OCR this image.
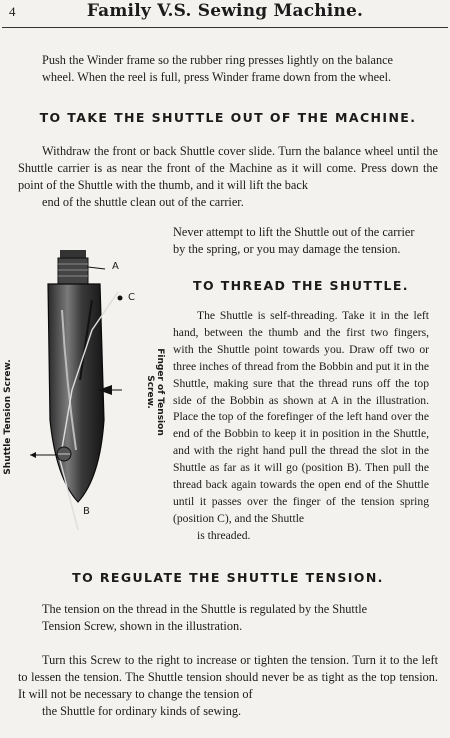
4	Family V.S. Sewing Machine.

Push the Winder frame so the rubber ring presses lightly on the balance
wheel. When the reel is full, press Winder frame down from the wheel.

TO TAKE THE SHUTTLE OUT OF THE MACHINE.

Withdraw the front or back Shuttle cover slide. Turn the balance wheel until the Shuttle carrier is as near the front of the Machine as it will come. Press down the point of the Shuttle with the thumb, and it will lift the back
end of the shuttle clean out of the carrier.

Never attempt to lift the Shuttle out of the carrier
by the spring, or you may damage the tension.

TO THREAD THE SHUTTLE.

The Shuttle is self-threading. Take it in the left hand, between the thumb and the first two fingers, with the Shuttle point towards you. Draw off two or three inches of thread from the Bobbin and put it in the Shuttle, making sure that the thread runs off the top side of the Bobbin as shown at A in the illustration. Place the top of the forefinger of the left hand over the end of the Bobbin to keep it in position in the Shuttle, and with the right hand pull the thread the slot in the Shuttle as far as it will go (position B). Then pull the thread back again towards the open end of the Shuttle until it passes over the finger of the tension spring (position C), and the Shuttle
is threaded.

A
C
B
Shuttle Tension Screw.	Finger of Tension
Screw.
TO REGULATE THE SHUTTLE TENSION.

The tension on the thread in the Shuttle is regulated by the Shuttle
Tension Screw, shown in the illustration.

Turn this Screw to the right to increase or tighten the tension. Turn it to the left to lessen the tension. The Shuttle tension should never be as tight as the top tension. It will not be necessary to change the tension of
the Shuttle for ordinary kinds of sewing.
